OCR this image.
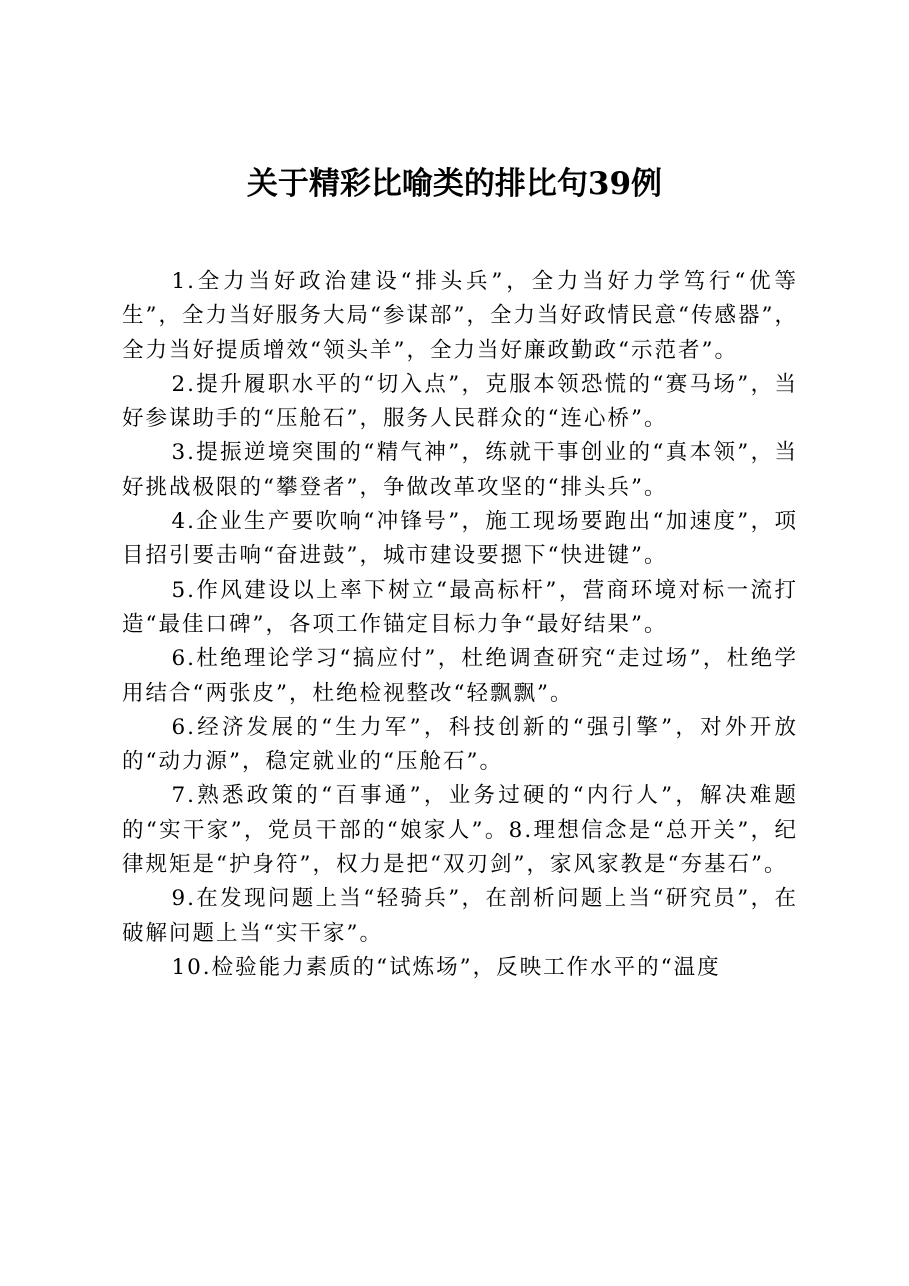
关于精彩比喻类的排比句39例

1.全力当好政治建设“排头兵”，全力当好力学笃行“优等生”，全力当好服务大局“参谋部”，全力当好政情民意“传感器”，全力当好提质增效“领头羊”，全力当好廉政勤政“示范者”。

2.提升履职水平的“切入点”，克服本领恐慌的“赛马场”，当好参谋助手的“压舱石”，服务人民群众的“连心桥”。

3.提振逆境突围的“精气神”，练就干事创业的“真本领”，当好挑战极限的“攀登者”，争做改革攻坚的“排头兵”。

4.企业生产要吹响“冲锋号”，施工现场要跑出“加速度”，项目招引要击响“奋进鼓”，城市建设要摁下“快进键”。

5.作风建设以上率下树立“最高标杆”，营商环境对标一流打造“最佳口碑”，各项工作锚定目标力争“最好结果”。

6.杜绝理论学习“搞应付”，杜绝调查研究“走过场”，杜绝学用结合“两张皮”，杜绝检视整改“轻飘飘”。

6.经济发展的“生力军”，科技创新的“强引擎”，对外开放的“动力源”，稳定就业的“压舱石”。

7.熟悉政策的“百事通”，业务过硬的“内行人”，解决难题的“实干家”，党员干部的“娘家人”。8.理想信念是“总开关”，纪律规矩是“护身符”，权力是把“双刃剑”，家风家教是“夯基石”。

9.在发现问题上当“轻骑兵”，在剖析问题上当“研究员”，在破解问题上当“实干家”。

10.检验能力素质的“试炼场”，反映工作水平的“温度
